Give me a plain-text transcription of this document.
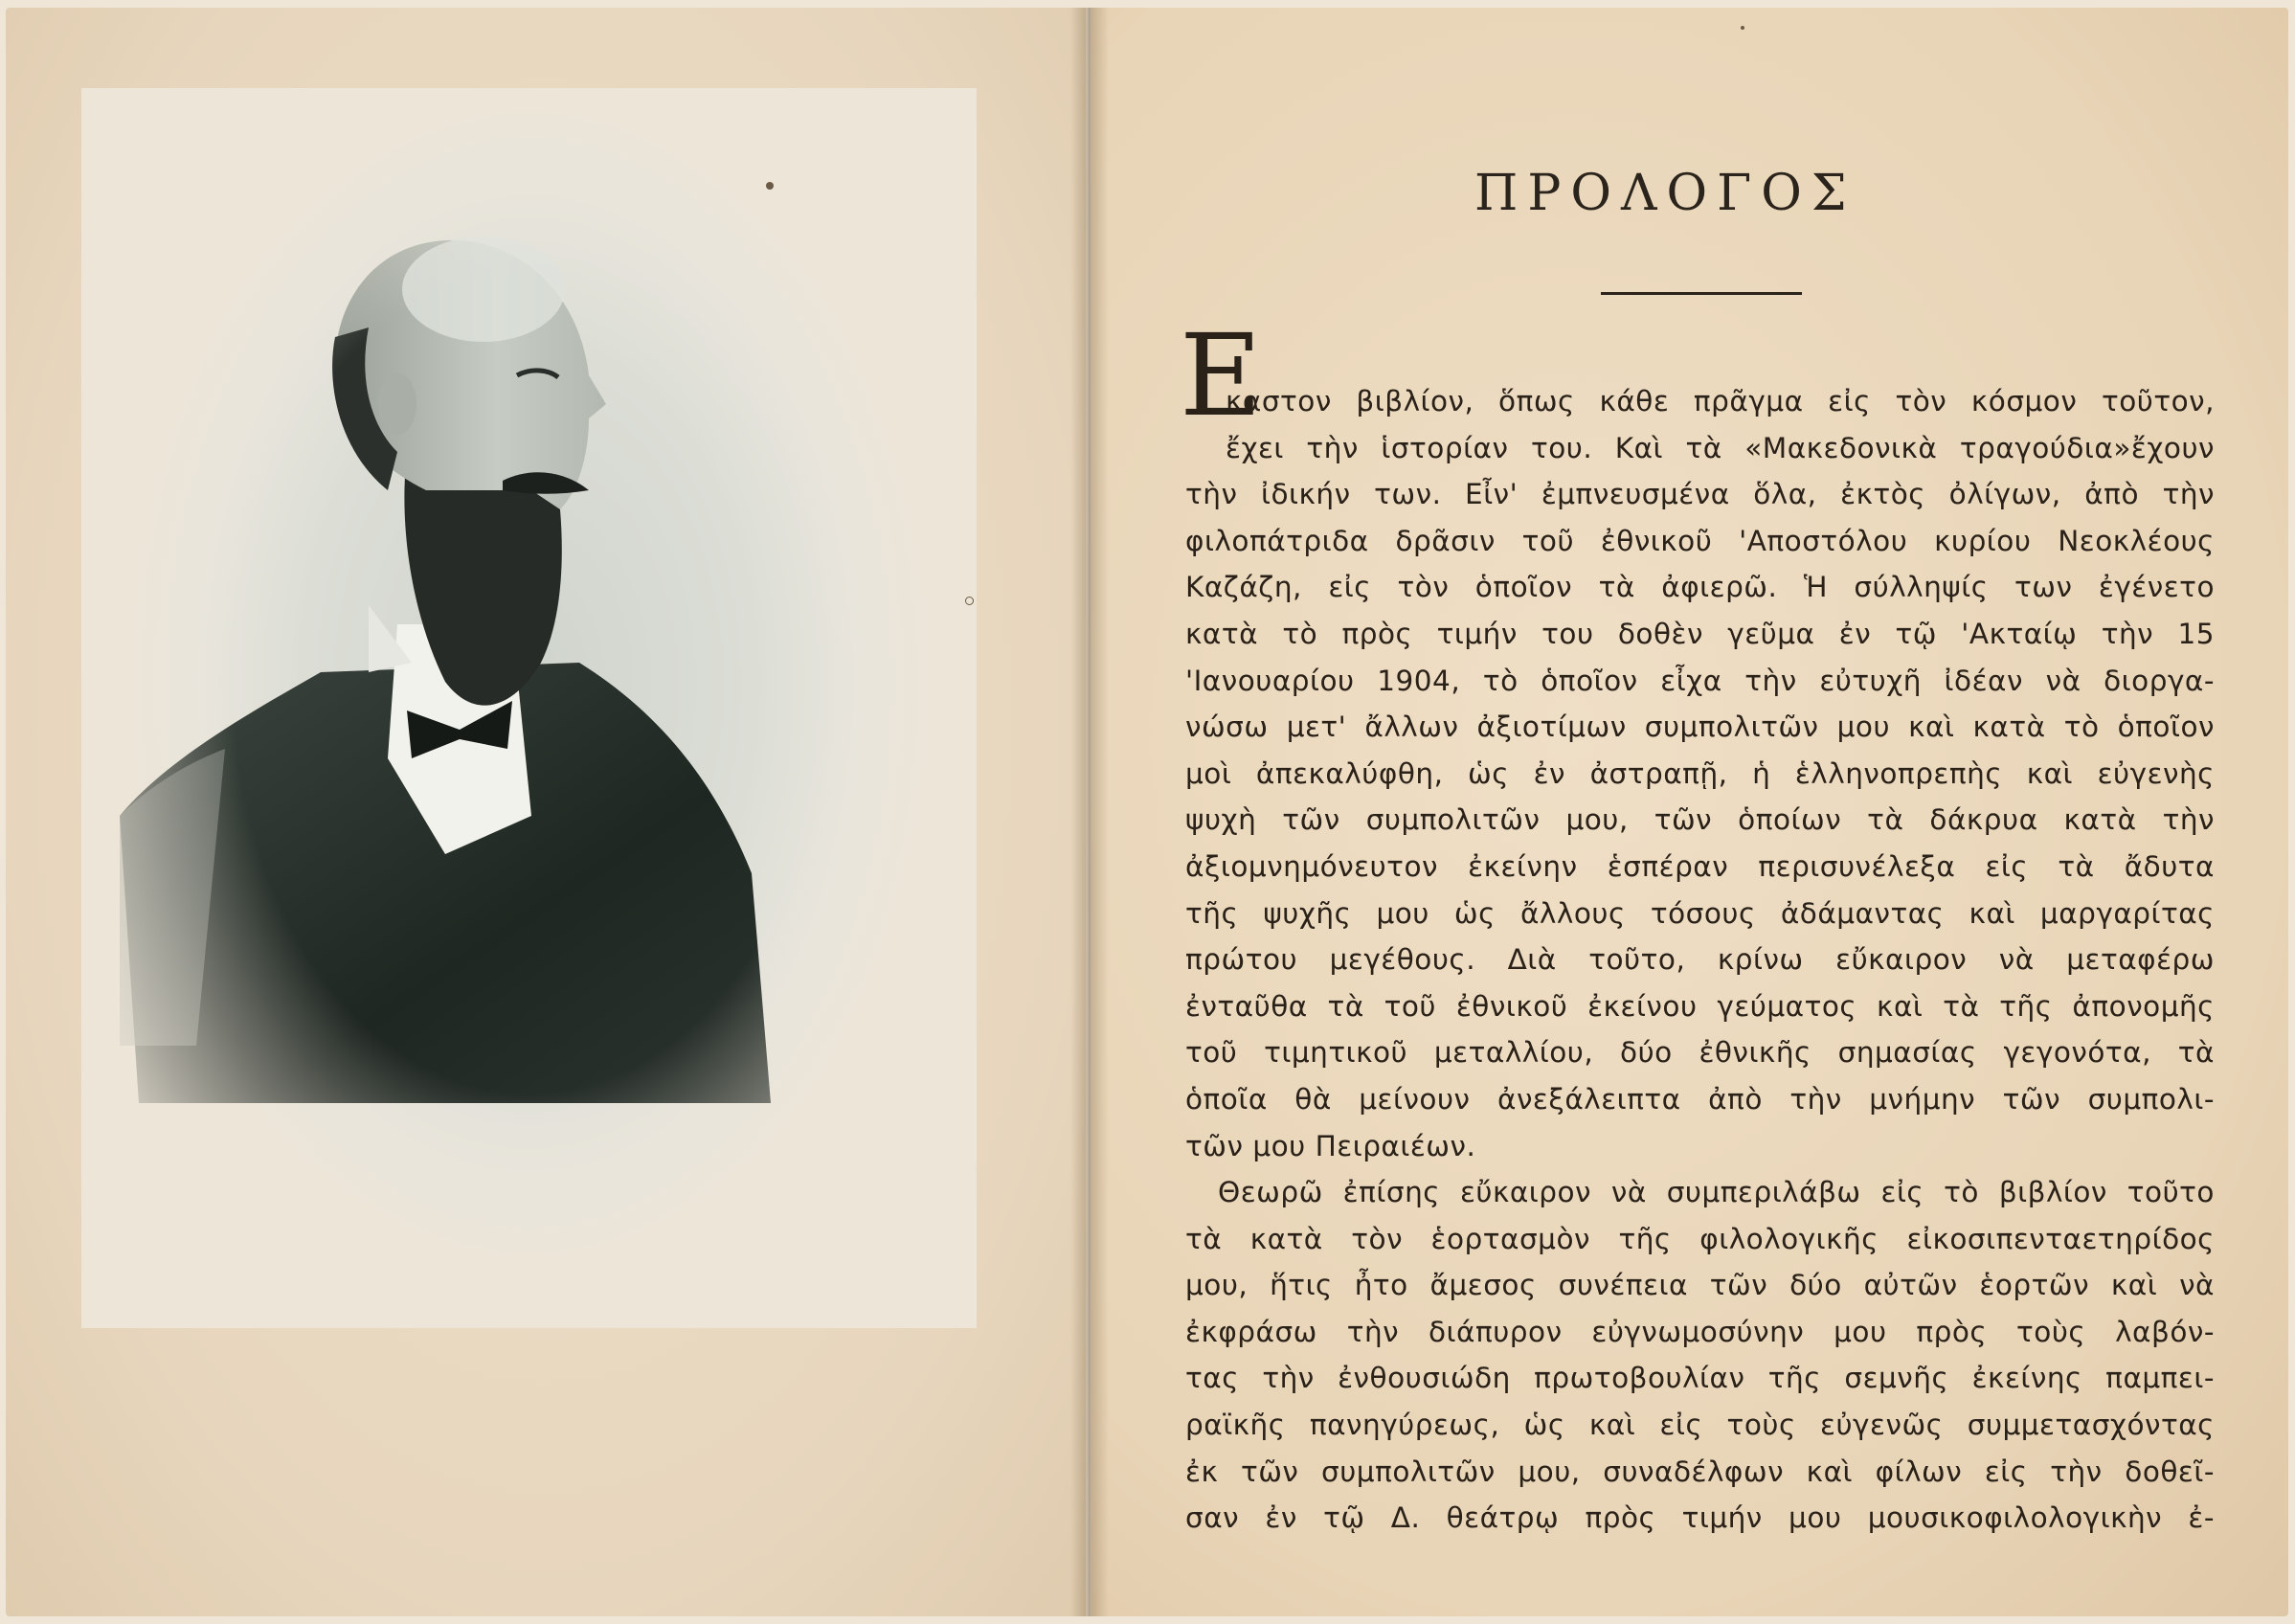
ΠΡΟΛΟΓΟΣ
Ε
καστον βιβλίον, ὅπως κάθε πρᾶγμα εἰς τὸν κόσμον τοῦτον,
ἔχει τὴν ἱστορίαν του. Καὶ τὰ «Μακεδονικὰ τραγούδια»ἔχουν
τὴν ἰδικήν των. Εἶν' ἐμπνευσμένα ὅλα, ἐκτὸς ὀλίγων, ἀπὸ τὴν
φιλοπάτριδα δρᾶσιν τοῦ ἐθνικοῦ 'Αποστόλου κυρίου Νεοκλέους
Καζάζη, εἰς τὸν ὁποῖον τὰ ἀφιερῶ. Ἡ σύλληψίς των ἐγένετο
κατὰ τὸ πρὸς τιμήν του δοθὲν γεῦμα ἐν τῷ 'Ακταίῳ τὴν 15
'Ιανουαρίου 1904, τὸ ὁποῖον εἶχα τὴν εὐτυχῆ ἰδέαν νὰ διοργα-
νώσω μετ' ἄλλων ἀξιοτίμων συμπολιτῶν μου καὶ κατὰ τὸ ὁποῖον
μοὶ ἀπεκαλύφθη, ὡς ἐν ἀστραπῇ, ἡ ἑλληνοπρεπὴς καὶ εὐγενὴς
ψυχὴ τῶν συμπολιτῶν μου, τῶν ὁποίων τὰ δάκρυα κατὰ τὴν
ἀξιομνημόνευτον ἐκείνην ἑσπέραν περισυνέλεξα εἰς τὰ ἄδυτα
τῆς ψυχῆς μου ὡς ἄλλους τόσους ἀδάμαντας καὶ μαργαρίτας
πρώτου μεγέθους. Διὰ τοῦτο, κρίνω εὔκαιρον νὰ μεταφέρω
ἐνταῦθα τὰ τοῦ ἐθνικοῦ ἐκείνου γεύματος καὶ τὰ τῆς ἀπονομῆς
τοῦ τιμητικοῦ μεταλλίου, δύο ἐθνικῆς σημασίας γεγονότα, τὰ
ὁποῖα θὰ μείνουν ἀνεξάλειπτα ἀπὸ τὴν μνήμην τῶν συμπολι-
τῶν μου Πειραιέων.
Θεωρῶ ἐπίσης εὔκαιρον νὰ συμπεριλάβω εἰς τὸ βιβλίον τοῦτο
τὰ κατὰ τὸν ἑορτασμὸν τῆς φιλολογικῆς εἰκοσιπενταετηρίδος
μου, ἥτις ἦτο ἄμεσος συνέπεια τῶν δύο αὐτῶν ἑορτῶν καὶ νὰ
ἐκφράσω τὴν διάπυρον εὐγνωμοσύνην μου πρὸς τοὺς λαβόν-
τας τὴν ἐνθουσιώδη πρωτοβουλίαν τῆς σεμνῆς ἐκείνης παμπει-
ραϊκῆς πανηγύρεως, ὡς καὶ εἰς τοὺς εὐγενῶς συμμετασχόντας
ἐκ τῶν συμπολιτῶν μου, συναδέλφων καὶ φίλων εἰς τὴν δοθεῖ-
σαν ἐν τῷ Δ. θεάτρῳ πρὸς τιμήν μου μουσικοφιλολογικὴν ἐ-
